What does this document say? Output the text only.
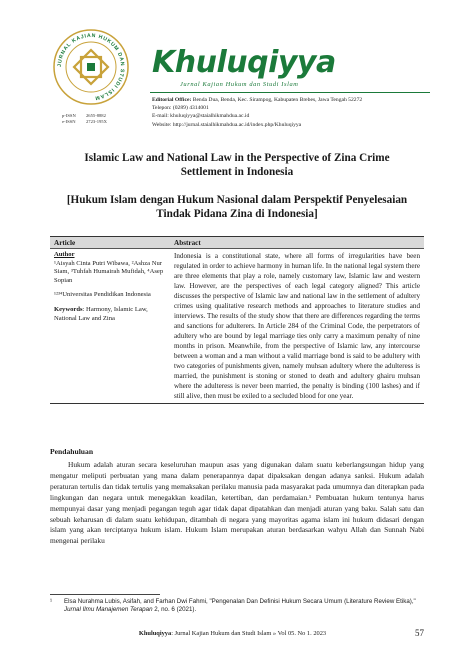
JURNAL KAJIAN HUKUM DAN STUDI ISLAM
p-ISSN	2655-8882
e-ISSN	2723-195X
Khuluqiyya
Jurnal Kajian Hukum dan Studi Islam
Editorial Office: Benda Dua, Benda, Kec. Sirampog, Kabupaten Brebes, Jawa Tengah 52272
Telepon: (0289) 4314001
E-mail: khuluqiyya@staialhikmahdua.ac.id
Website: http://jurnal.staialhikmahdua.ac.id/index.php/Khuluqiyya
Islamic Law and National Law in the Perspective of Zina Crime Settlement in Indonesia
[Hukum Islam dengan Hukum Nasional dalam Perspektif Penyelesaian Tindak Pidana Zina di Indonesia]
Article	Abstract
Author
¹Aisyah Cinta Putri Wibawa, ²Ashza Nur Siam, ³Tuhfah Humairah Mufidah, ⁴Asep Sopian
¹²³⁴Universitas Pendidikan Indonesia
Keywords: Harmony, Islamic Law, National Law and Zina
Indonesia is a constitutional state, where all forms of irregularities have been regulated in order to achieve harmony in human life. In the national legal system there are three elements that play a role, namely customary law, Islamic law and western law. However, are the perspectives of each legal category aligned? This article discusses the perspective of Islamic law and national law in the settlement of adultery crimes using qualitative research methods and approaches to literature studies and interviews. The results of the study show that there are differences regarding the terms and sanctions for adulterers. In Article 284 of the Criminal Code, the perpetrators of adultery who are bound by legal marriage ties only carry a maximum penalty of nine months in prison. Meanwhile, from the perspective of Islamic law, any intercourse between a woman and a man without a valid marriage bond is said to be adultery with two categories of punishments given, namely muhsan adultery where the adulteress is married, the punishment is stoning or stoned to death and adultery ghairu muhsan where the adulteress is never been married, the penalty is binding (100 lashes) and if still alive, then must be exiled to a secluded blood for one year.
Pendahuluan

Hukum adalah aturan secara keseluruhan maupun asas yang digunakan dalam suatu keberlangsungan hidup yang mengatur meliputi perbuatan yang mana dalam penerapannya dapat dipaksakan dengan adanya sanksi. Hukum adalah peraturan tertulis dan tidak tertulis yang memaksakan perilaku manusia pada masyarakat pada umumnya dan diterapkan pada lingkungan dan negara untuk menegakkan keadilan, ketertiban, dan perdamaian.¹ Pembuatan hukum tentunya harus mempunyai dasar yang menjadi pegangan teguh agar tidak dapat dipatahkan dan menjadi aturan yang baku. Salah satu dan sebuah keharusan di dalam suatu kehidupan, ditambah di negara yang mayoritas agama islam ini hukum didasari dengan islam yang akan terciptanya hukum islam. Hukum Islam merupakan aturan berdasarkan wahyu Allah dan Sunnah Nabi mengenai perilaku

¹	Elsa Nurahma Lubis, Asifah, and Farhan Dwi Fahmi, "Pengenalan Dan Definisi Hukum Secara Umum (Literature Review Etika)," Jurnal Ilmu Manajemen Terapan 2, no. 6 (2021).
Khuluqiyya: Jurnal Kajian Hukum dan Studi Islam » Vol 05. No 1. 2023	57
